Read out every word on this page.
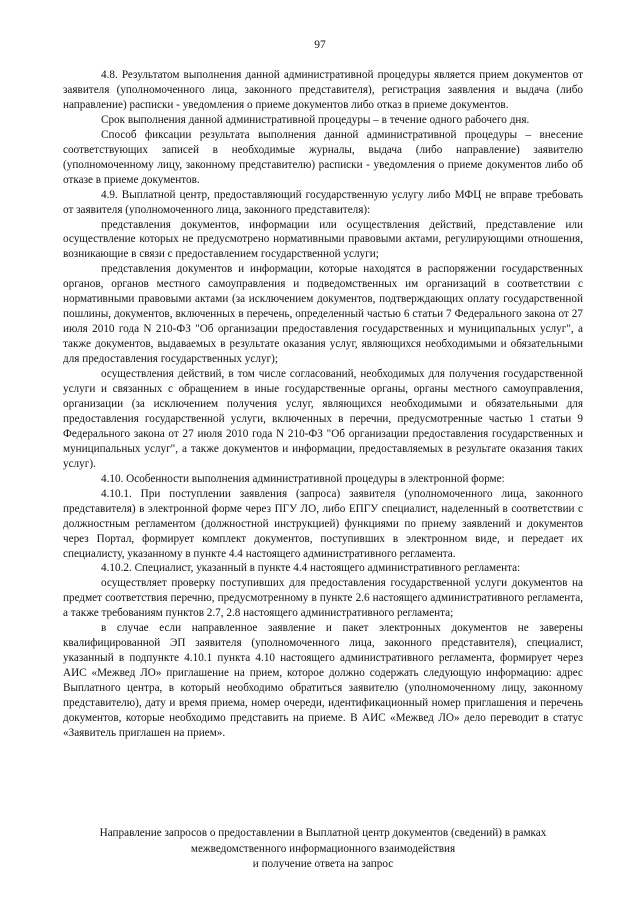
97

4.8. Результатом выполнения данной административной процедуры является прием документов от заявителя (уполномоченного лица, законного представителя), регистрация заявления и выдача (либо направление) расписки - уведомления о приеме документов либо отказ в приеме документов.

Срок выполнения данной административной процедуры – в течение одного рабочего дня.

Способ фиксации результата выполнения данной административной процедуры – внесение соответствующих записей в необходимые журналы, выдача (либо направление) заявителю (уполномоченному лицу, законному представителю) расписки - уведомления о приеме документов либо об отказе в приеме документов.

4.9. Выплатной центр, предоставляющий государственную услугу либо МФЦ не вправе требовать от заявителя (уполномоченного лица, законного представителя):

представления документов, информации или осуществления действий, представление или осуществление которых не предусмотрено нормативными правовыми актами, регулирующими отношения, возникающие в связи с предоставлением государственной услуги;

представления документов и информации, которые находятся в распоряжении государственных органов, органов местного самоуправления и подведомственных им организаций в соответствии с нормативными правовыми актами (за исключением документов, подтверждающих оплату государственной пошлины, документов, включенных в перечень, определенный частью 6 статьи 7 Федерального закона от 27 июля 2010 года N 210-ФЗ "Об организации предоставления государственных и муниципальных услуг", а также документов, выдаваемых в результате оказания услуг, являющихся необходимыми и обязательными для предоставления государственных услуг);

осуществления действий, в том числе согласований, необходимых для получения государственной услуги и связанных с обращением в иные государственные органы, органы местного самоуправления, организации (за исключением получения услуг, являющихся необходимыми и обязательными для предоставления государственной услуги, включенных в перечни, предусмотренные частью 1 статьи 9 Федерального закона от 27 июля 2010 года N 210-ФЗ "Об организации предоставления государственных и муниципальных услуг", а также документов и информации, предоставляемых в результате оказания таких услуг).

4.10. Особенности выполнения административной процедуры в электронной форме:

4.10.1. При поступлении заявления (запроса) заявителя (уполномоченного лица, законного представителя) в электронной форме через ПГУ ЛО, либо ЕПГУ специалист, наделенный в соответствии с должностным регламентом (должностной инструкцией) функциями по приему заявлений и документов через Портал, формирует комплект документов, поступивших в электронном виде, и передает их специалисту, указанному в пункте 4.4 настоящего административного регламента.

4.10.2. Специалист, указанный в пункте 4.4 настоящего административного регламента:

осуществляет проверку поступивших для предоставления государственной услуги документов на предмет соответствия перечню, предусмотренному в пункте 2.6 настоящего административного регламента, а также требованиям пунктов 2.7, 2.8 настоящего административного регламента;

в случае если направленное заявление и пакет электронных документов не заверены квалифицированной ЭП заявителя (уполномоченного лица, законного представителя), специалист, указанный в подпункте 4.10.1 пункта 4.10 настоящего административного регламента, формирует через АИС «Межвед ЛО» приглашение на прием, которое должно содержать следующую информацию: адрес Выплатного центра, в который необходимо обратиться заявителю (уполномоченному лицу, законному представителю), дату и время приема, номер очереди, идентификационный номер приглашения и перечень документов, которые необходимо представить на приеме. В АИС «Межвед ЛО» дело переводит в статус «Заявитель приглашен на прием».

Направление запросов о предоставлении в Выплатной центр документов (сведений) в рамках
межведомственного информационного взаимодействия
и получение ответа на запрос
